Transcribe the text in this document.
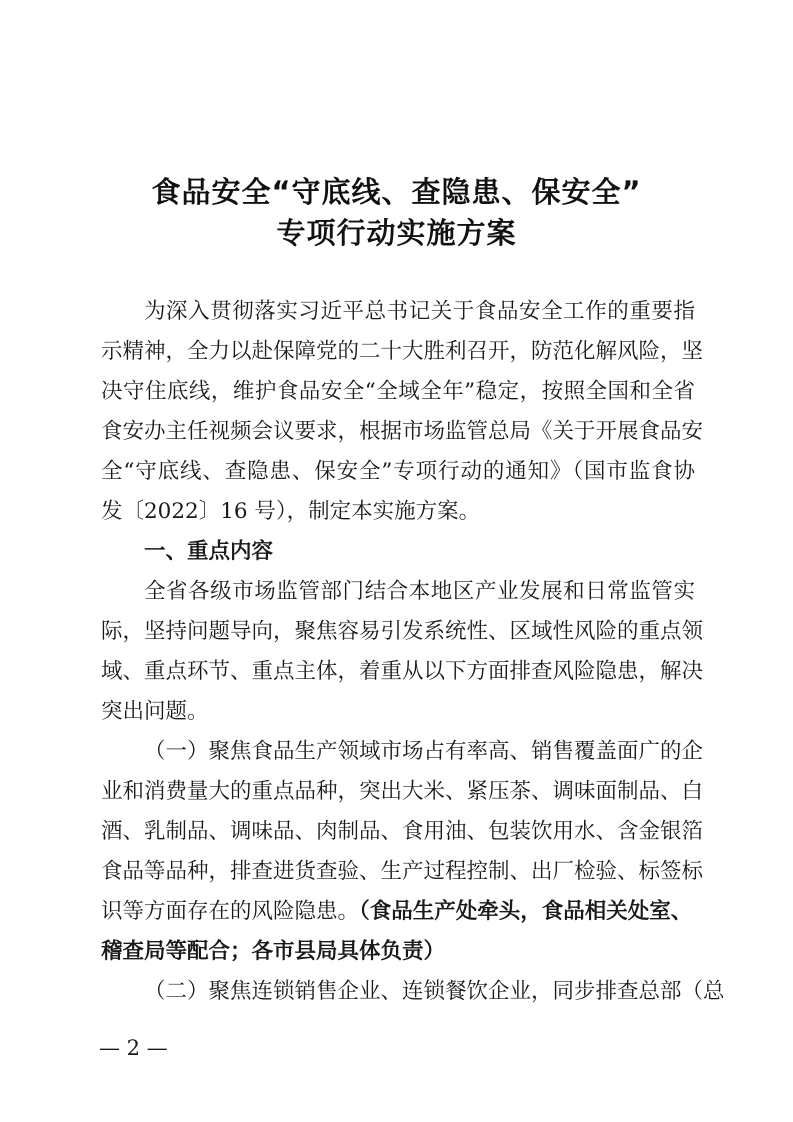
食品安全“守底线、查隐患、保安全”
专项行动实施方案
为深入贯彻落实习近平总书记关于食品安全工作的重要指
示精神，全力以赴保障党的二十大胜利召开，防范化解风险，坚
决守住底线，维护食品安全“全域全年”稳定，按照全国和全省
食安办主任视频会议要求，根据市场监管总局《关于开展食品安
全“守底线、查隐患、保安全”专项行动的通知》（国市监食协
发〔2022〕16 号），制定本实施方案。
一、重点内容
全省各级市场监管部门结合本地区产业发展和日常监管实
际，坚持问题导向，聚焦容易引发系统性、区域性风险的重点领
域、重点环节、重点主体，着重从以下方面排查风险隐患，解决
突出问题。
（一）聚焦食品生产领域市场占有率高、销售覆盖面广的企
业和消费量大的重点品种，突出大米、紧压茶、调味面制品、白
酒、乳制品、调味品、肉制品、食用油、包装饮用水、含金银箔
食品等品种，排查进货查验、生产过程控制、出厂检验、标签标
识等方面存在的风险隐患。（食品生产处牵头，食品相关处室、
稽查局等配合；各市县局具体负责）
（二）聚焦连锁销售企业、连锁餐饮企业，同步排查总部（总
— 2 —
